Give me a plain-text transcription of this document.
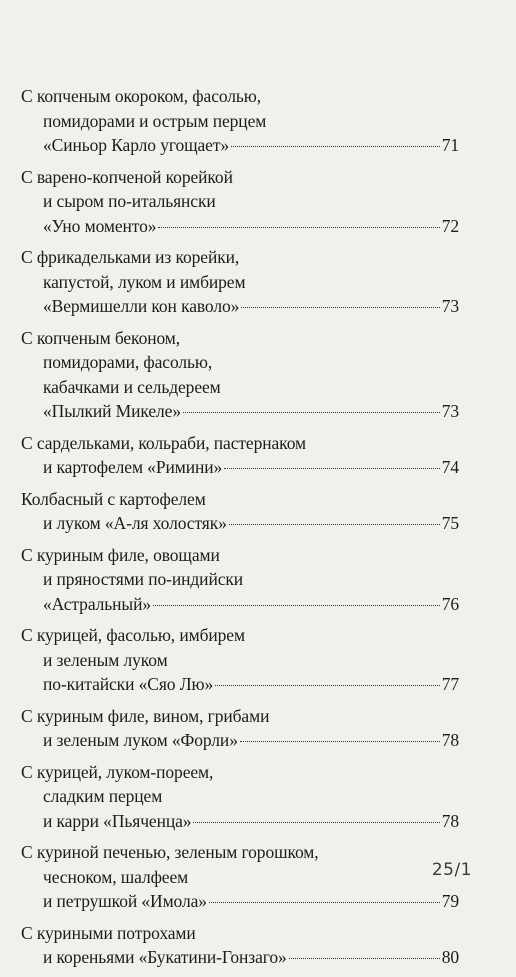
С копченым окороком, фасолью,
помидорами и острым перцем
«Синьор Карло угощает»	71
С варено-копченой корейкой
и сыром по-итальянски
«Уно моменто»	72
С фрикадельками из корейки,
капустой, луком и имбирем
«Вермишелли кон каволо»	73
С копченым беконом,
помидорами, фасолью,
кабачками и сельдереем
«Пылкий Микеле»	73
С сардельками, кольраби, пастернаком
и картофелем «Римини»	74
Колбасный с картофелем
и луком «А-ля холостяк»	75
С куриным филе, овощами
и пряностями по-индийски
«Астральный»	76
С курицей, фасолью, имбирем
и зеленым луком
по-китайски «Сяо Лю»	77
С куриным филе, вином, грибами
и зеленым луком «Форли»	78
С курицей, луком-пореем,
сладким перцем
и карри «Пьяченца»	78
С куриной печенью, зеленым горошком,
чесноком, шалфеем
и петрушкой «Имола»	79
С куриными потрохами
и кореньями «Букатини-Гонзаго»	80
25/1
